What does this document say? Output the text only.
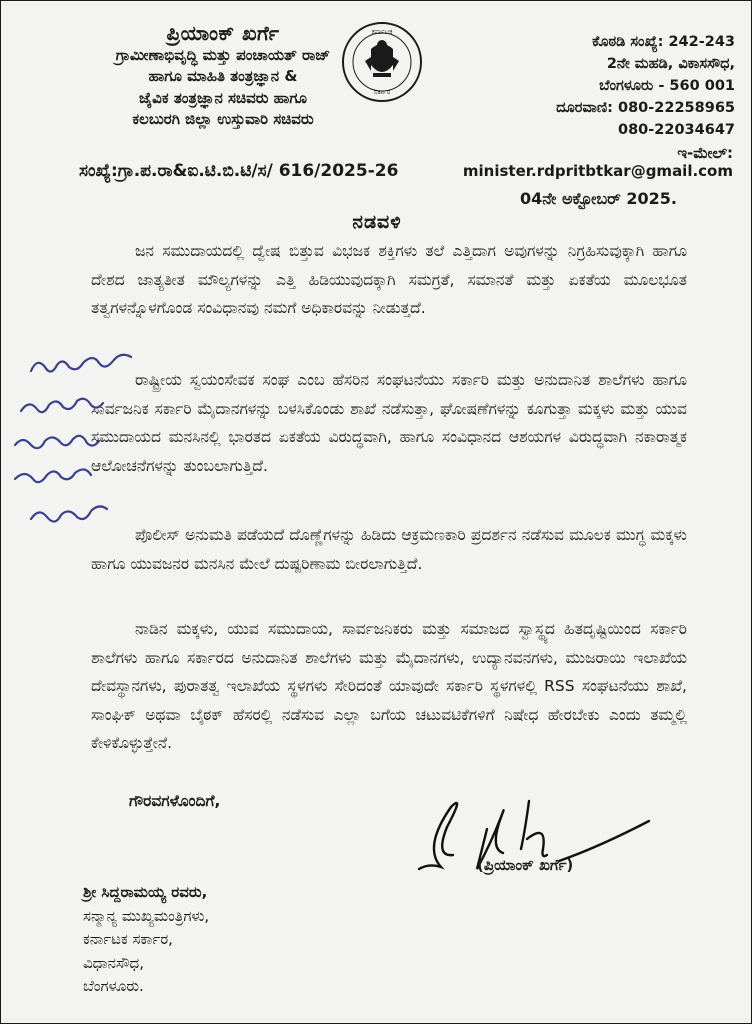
ಪ್ರಿಯಾಂಕ್ ಖರ್ಗೆ
ಗ್ರಾಮೀಣಾಭಿವೃದ್ಧಿ ಮತ್ತು ಪಂಚಾಯತ್ ರಾಜ್
ಹಾಗೂ ಮಾಹಿತಿ ತಂತ್ರಜ್ಞಾನ &
ಜೈವಿಕ ತಂತ್ರಜ್ಞಾನ ಸಚಿವರು ಹಾಗೂ
ಕಲಬುರಗಿ ಜಿಲ್ಲಾ ಉಸ್ತುವಾರಿ ಸಚಿವರು
ಸಂಖ್ಯೆ:ಗ್ರಾ.ಪ.ರಾ&ಐ.ಟಿ.ಬಿ.ಟಿ/ಸ/ 616/2025-26
ಕರ್ನಾಟಕ
ಸರ್ಕಾರ
ಕೊಠಡಿ ಸಂಖ್ಯೆ: 242-243
2ನೇ ಮಹಡಿ, ವಿಕಾಸಸೌಧ,
ಬೆಂಗಳೂರು - 560 001
ದೂರವಾಣಿ: 080-22258965
080-22034647
ಇ-ಮೇಲ್: minister.rdpritbtkar@gmail.com
04ನೇ ಅಕ್ಟೋಬರ್ 2025.
ನಡವಳಿ

ಜನ ಸಮುದಾಯದಲ್ಲಿ ದ್ವೇಷ ಬಿತ್ತುವ ವಿಭಜಕ ಶಕ್ತಿಗಳು ತಲೆ ಎತ್ತಿದಾಗ ಅವುಗಳನ್ನು ನಿಗ್ರಹಿಸುವುಕ್ಕಾಗಿ ಹಾಗೂ ದೇಶದ ಜಾತ್ಯತೀತ ಮೌಲ್ಯಗಳನ್ನು ಎತ್ತಿ ಹಿಡಿಯುವುದಕ್ಕಾಗಿ ಸಮಗ್ರತೆ, ಸಮಾನತೆ ಮತ್ತು ಏಕತೆಯ ಮೂಲಭೂತ ತತ್ವಗಳನ್ನೊಳಗೊಂಡ ಸಂವಿಧಾನವು ನಮಗೆ ಅಧಿಕಾರವನ್ನು ನೀಡುತ್ತದೆ.

ರಾಷ್ಟ್ರೀಯ ಸ್ವಯಂಸೇವಕ ಸಂಘ ಎಂಬ ಹೆಸರಿನ ಸಂಘಟನೆಯು ಸರ್ಕಾರಿ ಮತ್ತು ಅನುದಾನಿತ ಶಾಲೆಗಳು ಹಾಗೂ ಸಾರ್ವಜನಿಕ ಸರ್ಕಾರಿ ಮೈದಾನಗಳನ್ನು ಬಳಸಿಕೊಂಡು ಶಾಖೆ ನಡೆಸುತ್ತಾ, ಘೋಷಣೆಗಳನ್ನು ಕೂಗುತ್ತಾ ಮಕ್ಕಳು ಮತ್ತು ಯುವ ಸಮುದಾಯದ ಮನಸಿನಲ್ಲಿ ಭಾರತದ ಏಕತೆಯ ವಿರುದ್ಧವಾಗಿ, ಹಾಗೂ ಸಂವಿಧಾನದ ಆಶಯಗಳ ವಿರುದ್ಧವಾಗಿ ನಕಾರಾತ್ಮಕ ಆಲೋಚನೆಗಳನ್ನು ತುಂಬಲಾಗುತ್ತಿದೆ.

ಪೊಲೀಸ್ ಅನುಮತಿ ಪಡೆಯದೆ ದೊಣ್ಣೆಗಳನ್ನು ಹಿಡಿದು ಆಕ್ರಮಣಕಾರಿ ಪ್ರದರ್ಶನ ನಡೆಸುವ ಮೂಲಕ ಮುಗ್ಧ ಮಕ್ಕಳು ಹಾಗೂ ಯುವಜನರ ಮನಸಿನ ಮೇಲೆ ದುಷ್ಪರಿಣಾಮ ಬೀರಲಾಗುತ್ತಿದೆ.

ನಾಡಿನ ಮಕ್ಕಳು, ಯುವ ಸಮುದಾಯ, ಸಾರ್ವಜನಿಕರು ಮತ್ತು ಸಮಾಜದ ಸ್ವಾಸ್ಥ್ಯದ ಹಿತದೃಷ್ಟಿಯಿಂದ ಸರ್ಕಾರಿ ಶಾಲೆಗಳು ಹಾಗೂ ಸರ್ಕಾರದ ಅನುದಾನಿತ ಶಾಲೆಗಳು ಮತ್ತು ಮೈದಾನಗಳು, ಉದ್ಯಾನವನಗಳು, ಮುಜರಾಯಿ ಇಲಾಖೆಯ ದೇವಸ್ಥಾನಗಳು, ಪುರಾತತ್ವ ಇಲಾಖೆಯ ಸ್ಥಳಗಳು ಸೇರಿದಂತೆ ಯಾವುದೇ ಸರ್ಕಾರಿ ಸ್ಥಳಗಳಲ್ಲಿ RSS ಸಂಘಟನೆಯು ಶಾಖೆ, ಸಾಂಘಿಕ್ ಅಥವಾ ಬೈಠಕ್ ಹೆಸರಲ್ಲಿ ನಡೆಸುವ ಎಲ್ಲಾ ಬಗೆಯ ಚಟುವಟಿಕೆಗಳಿಗೆ ನಿಷೇಧ ಹೇರಬೇಕು ಎಂದು ತಮ್ಮಲ್ಲಿ ಕೇಳಿಕೊಳ್ಳುತ್ತೇನೆ.

ಗೌರವಗಳೊಂದಿಗೆ,
(ಪ್ರಿಯಾಂಕ್ ಖರ್ಗೆ)
ಶ್ರೀ ಸಿದ್ದರಾಮಯ್ಯ ರವರು,
ಸನ್ಮಾನ್ಯ ಮುಖ್ಯಮಂತ್ರಿಗಳು,
ಕರ್ನಾಟಕ ಸರ್ಕಾರ,
ವಿಧಾನಸೌಧ,
ಬೆಂಗಳೂರು.
